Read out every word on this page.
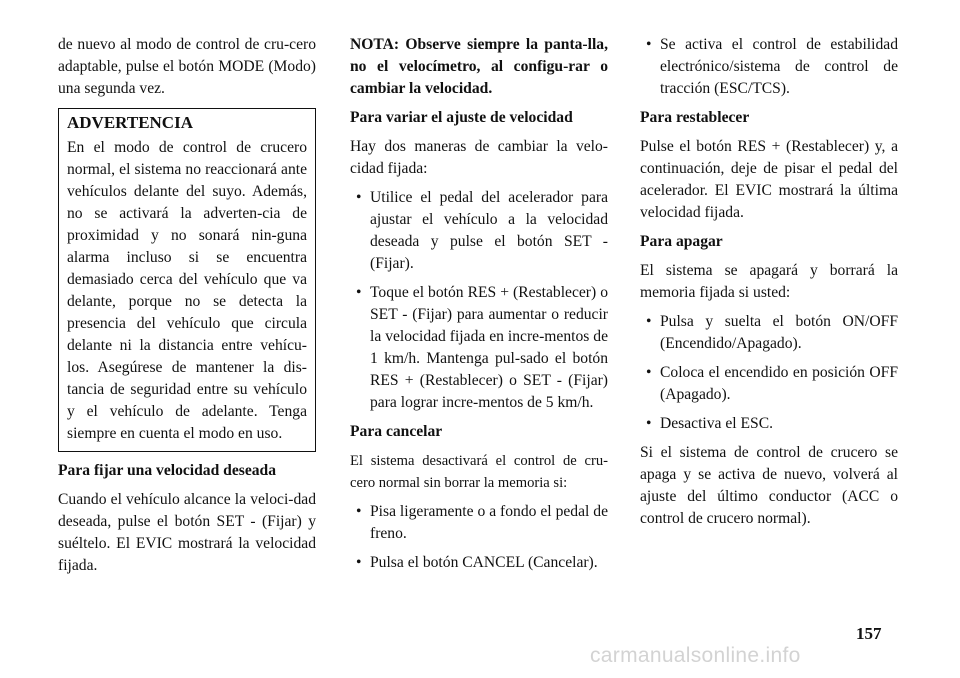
de nuevo al modo de control de cru-cero adaptable, pulse el botón MODE (Modo) una segunda vez.

ADVERTENCIA

En el modo de control de crucero normal, el sistema no reaccionará ante vehículos delante del suyo. Además, no se activará la adverten-cia de proximidad y no sonará nin-guna alarma incluso si se encuentra demasiado cerca del vehículo que va delante, porque no se detecta la presencia del vehículo que circula delante ni la distancia entre vehícu-los. Asegúrese de mantener la dis-tancia de seguridad entre su vehículo y el vehículo de adelante. Tenga siempre en cuenta el modo en uso.

Para fijar una velocidad deseada

Cuando el vehículo alcance la veloci-dad deseada, pulse el botón SET - (Fijar) y suéltelo. El EVIC mostrará la velocidad fijada.

NOTA: Observe siempre la panta-lla, no el velocímetro, al configu-rar o cambiar la velocidad.

Para variar el ajuste de velocidad

Hay dos maneras de cambiar la velo-cidad fijada:

• Utilice el pedal del acelerador para ajustar el vehículo a la velocidad deseada y pulse el botón SET - (Fijar).
• Toque el botón RES + (Restablecer) o SET - (Fijar) para aumentar o reducir la velocidad fijada en incre-mentos de 1 km/h. Mantenga pul-sado el botón RES + (Restablecer) o SET - (Fijar) para lograr incre-mentos de 5 km/h.
Para cancelar

El sistema desactivará el control de cru-cero normal sin borrar la memoria si:

• Pisa ligeramente o a fondo el pedal de freno.
• Pulsa el botón CANCEL (Cancelar).
• Se activa el control de estabilidad electrónico/sistema de control de tracción (ESC/TCS).
Para restablecer

Pulse el botón RES + (Restablecer) y, a continuación, deje de pisar el pedal del acelerador. El EVIC mostrará la última velocidad fijada.

Para apagar

El sistema se apagará y borrará la memoria fijada si usted:

• Pulsa y suelta el botón ON/OFF (Encendido/Apagado).
• Coloca el encendido en posición OFF (Apagado).
• Desactiva el ESC.

Si el sistema de control de crucero se apaga y se activa de nuevo, volverá al ajuste del último conductor (ACC o control de crucero normal).

157
carmanualsonline.info
